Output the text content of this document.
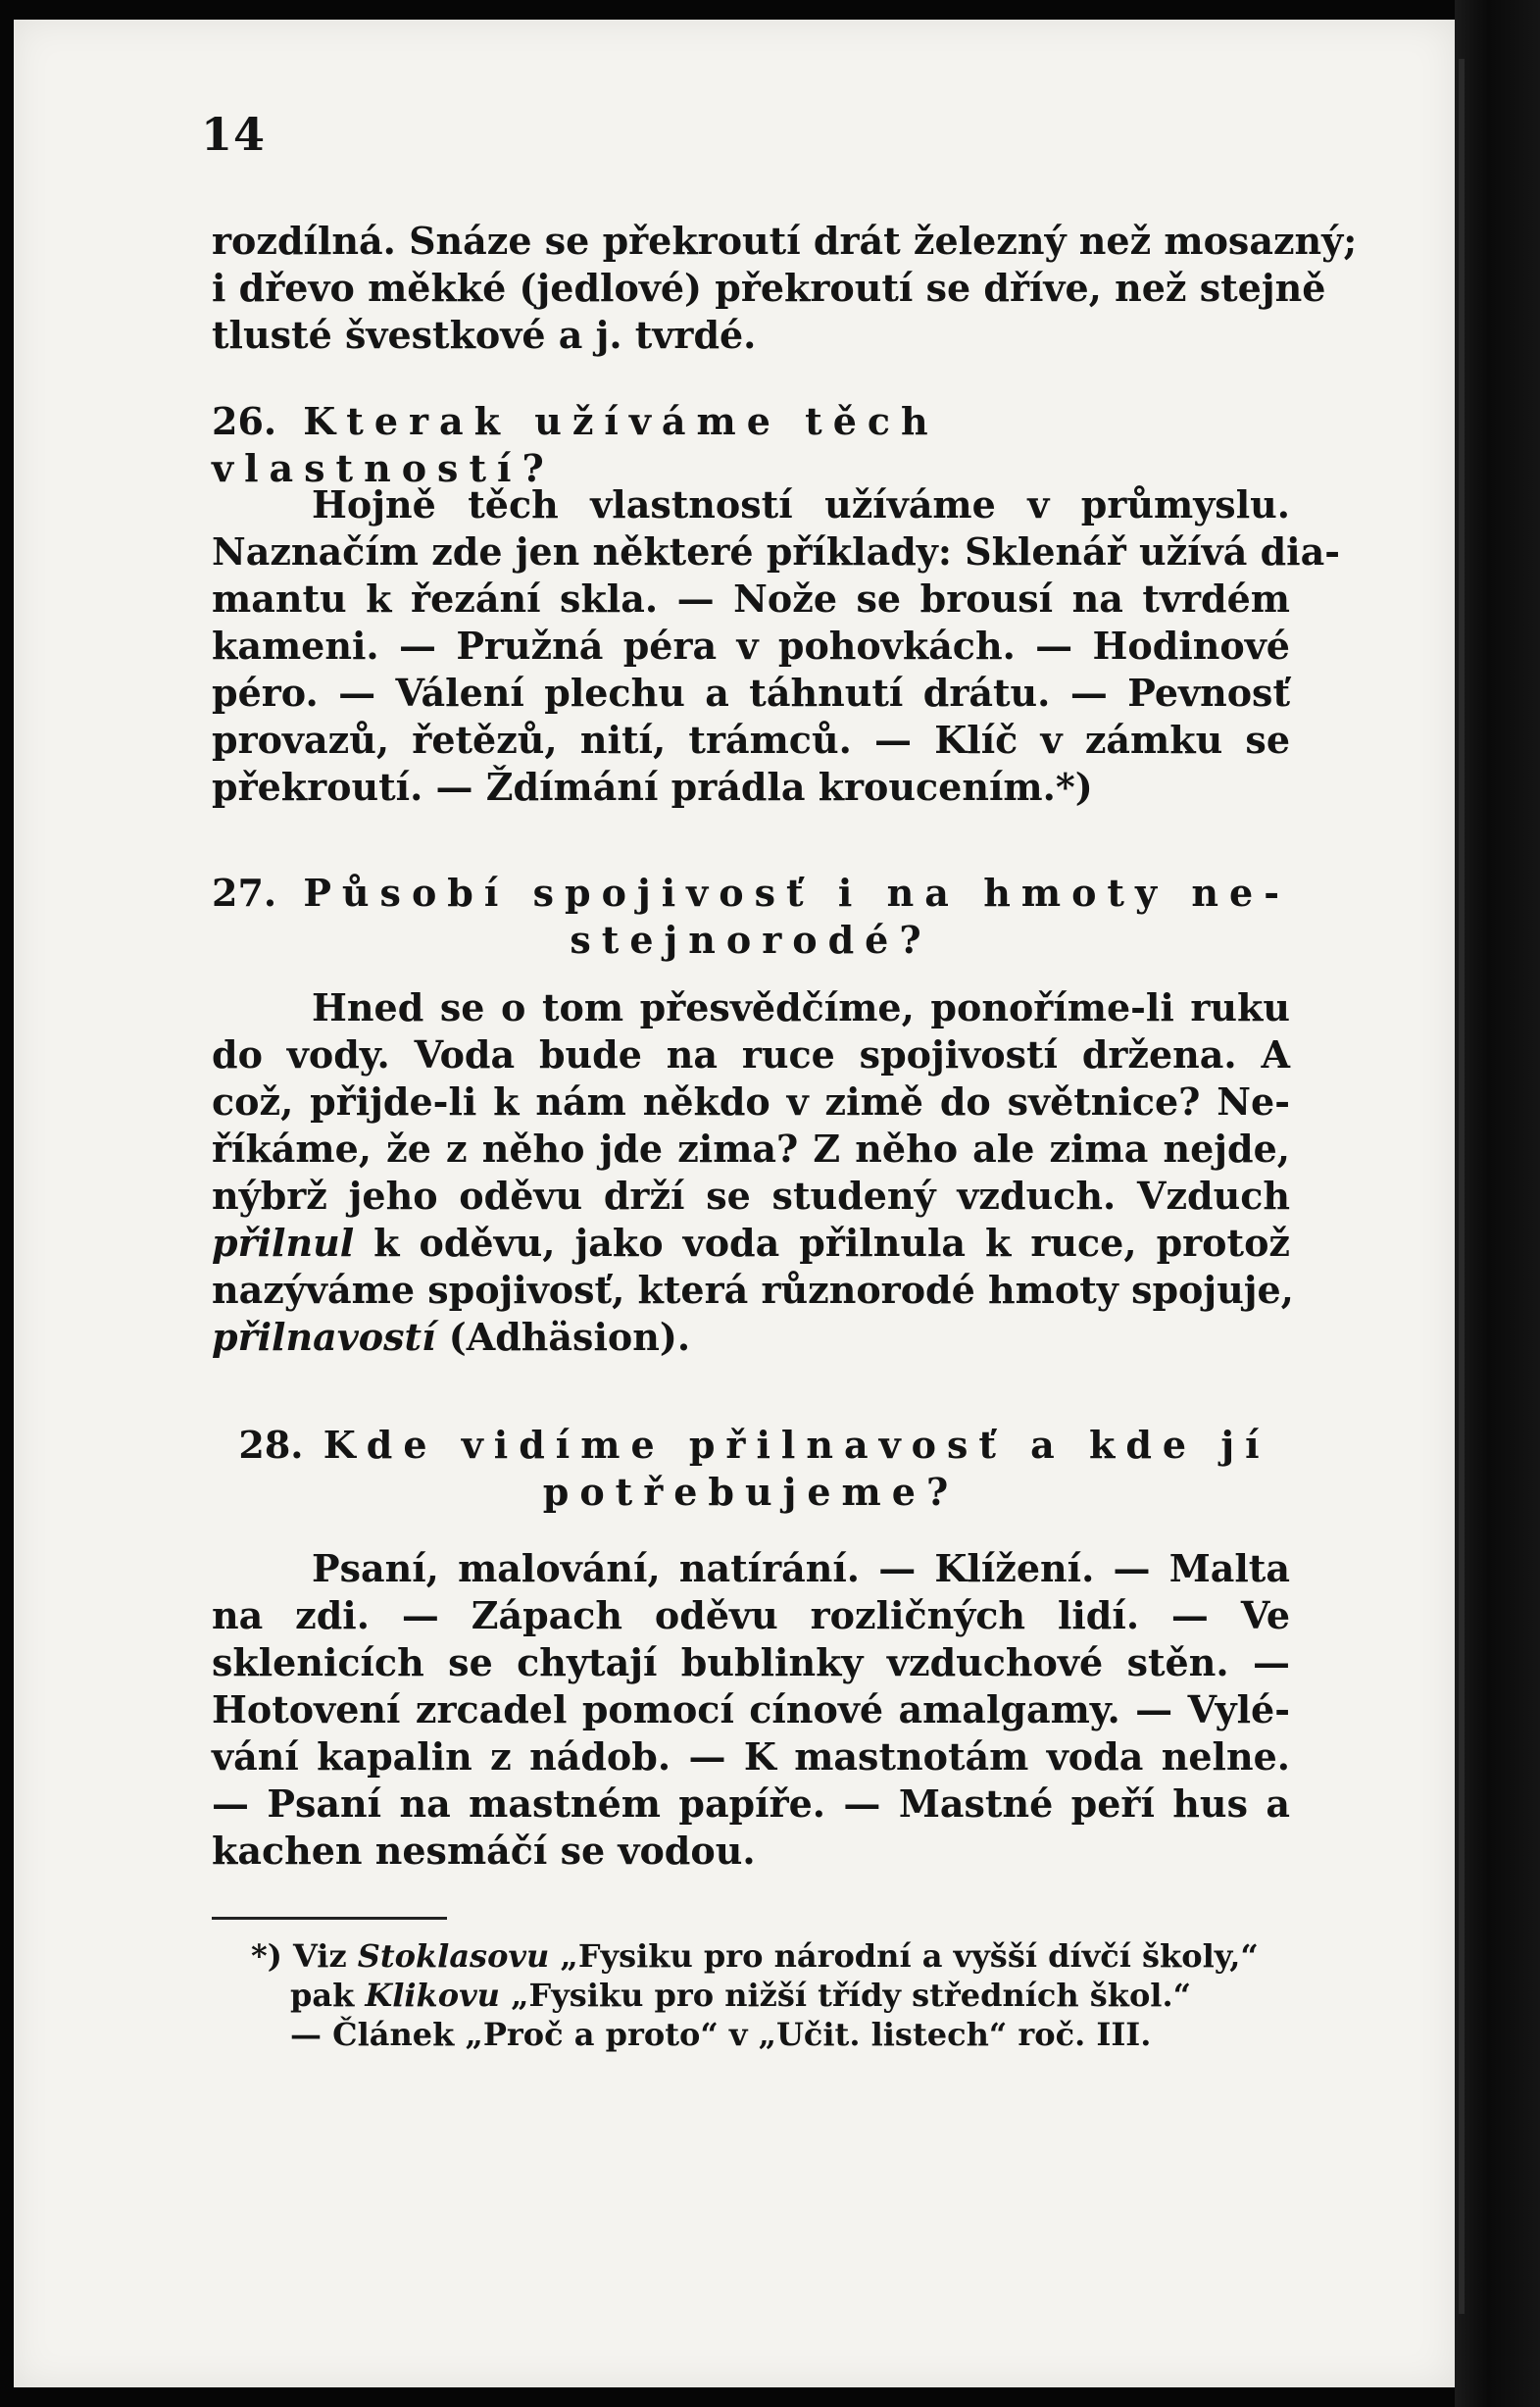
14
rozdílná. Snáze se překroutí drát železný než mosazný;
i dřevo měkké (jedlové) překroutí se dříve, než stejně
tlusté švestkové a j. tvrdé.
26. Kterak užíváme těch vlastností?
Hojně těch vlastností užíváme v průmyslu.
Naznačím zde jen některé příklady: Sklenář užívá dia-
mantu k řezání skla. — Nože se brousí na tvrdém
kameni. — Pružná péra v pohovkách. — Hodinové
péro. — Válení plechu a táhnutí drátu. — Pevnosť
provazů, řetězů, nití, trámců. — Klíč v zámku se
překroutí. — Ždímání prádla kroucením.*)
27. Působí spojivosť i na hmoty ne-
stejnorodé?
Hned se o tom přesvědčíme, ponoříme-li ruku
do vody. Voda bude na ruce spojivostí držena. A
což, přijde-li k nám někdo v zimě do světnice? Ne-
říkáme, že z něho jde zima? Z něho ale zima nejde,
nýbrž jeho oděvu drží se studený vzduch. Vzduch
přilnul k oděvu, jako voda přilnula k ruce, protož
nazýváme spojivosť, která různorodé hmoty spojuje,
přilnavostí (Adhäsion).
28. Kde vidíme přilnavosť a kde jí
potřebujeme?
Psaní, malování, natírání. — Klížení. — Malta
na zdi. — Zápach oděvu rozličných lidí. — Ve
sklenicích se chytají bublinky vzduchové stěn. —
Hotovení zrcadel pomocí cínové amalgamy. — Vylé-
vání kapalin z nádob. — K mastnotám voda nelne.
— Psaní na mastném papíře. — Mastné peří hus a
kachen nesmáčí se vodou.
*) Viz Stoklasovu „Fysiku pro národní a vyšší dívčí školy,“
pak Klikovu „Fysiku pro nižší třídy středních škol.“
— Článek „Proč a proto“ v „Učit. listech“ roč. III.
